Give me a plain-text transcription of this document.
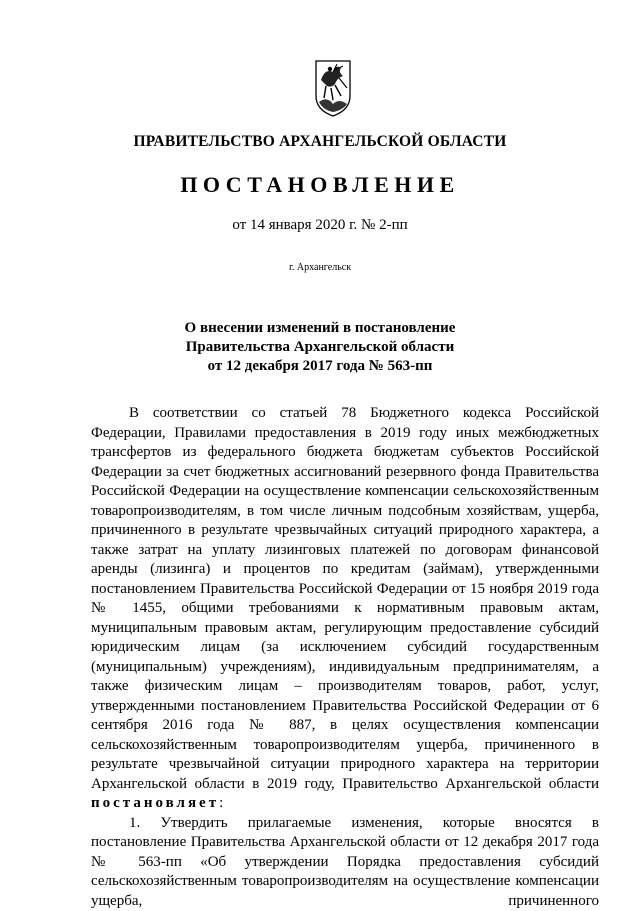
ПРАВИТЕЛЬСТВО АРХАНГЕЛЬСКОЙ ОБЛАСТИ
ПОСТАНОВЛЕНИЕ
от 14 января 2020 г. № 2-пп
г. Архангельск
О внесении изменений в постановление
Правительства Архангельской области
от 12 декабря 2017 года № 563-пп

В соответствии со статьей 78 Бюджетного кодекса Российской Федерации, Правилами предоставления в 2019 году иных межбюджетных трансфертов из федерального бюджета бюджетам субъектов Российской Федерации за счет бюджетных ассигнований резервного фонда Правительства Российской Федерации на осуществление компенсации сельскохозяйственным товаропроизводителям, в том числе личным подсобным хозяйствам, ущерба, причиненного в результате чрезвычайных ситуаций природного характера, а также затрат на уплату лизинговых платежей по договорам финансовой аренды (лизинга) и процентов по кредитам (займам), утвержденными постановлением Правительства Российской Федерации от 15 ноября 2019 года № 1455, общими требованиями к нормативным правовым актам, муниципальным правовым актам, регулирующим предоставление субсидий юридическим лицам (за исключением субсидий государственным (муниципальным) учреждениям), индивидуальным предпринимателям, а также физическим лицам – производителям товаров, работ, услуг, утвержденными постановлением Правительства Российской Федерации от 6 сентября 2016 года № 887, в целях осуществления компенсации сельскохозяйственным товаропроизводителям ущерба, причиненного в результате чрезвычайной ситуации природного характера на территории Архангельской области в 2019 году, Правительство Архангельской области постановляет:

1. Утвердить прилагаемые изменения, которые вносятся в постановление Правительства Архангельской области от 12 декабря 2017 года № 563-пп «Об утверждении Порядка предоставления субсидий сельскохозяйственным товаропроизводителям на осуществление компенсации ущерба, причиненного
